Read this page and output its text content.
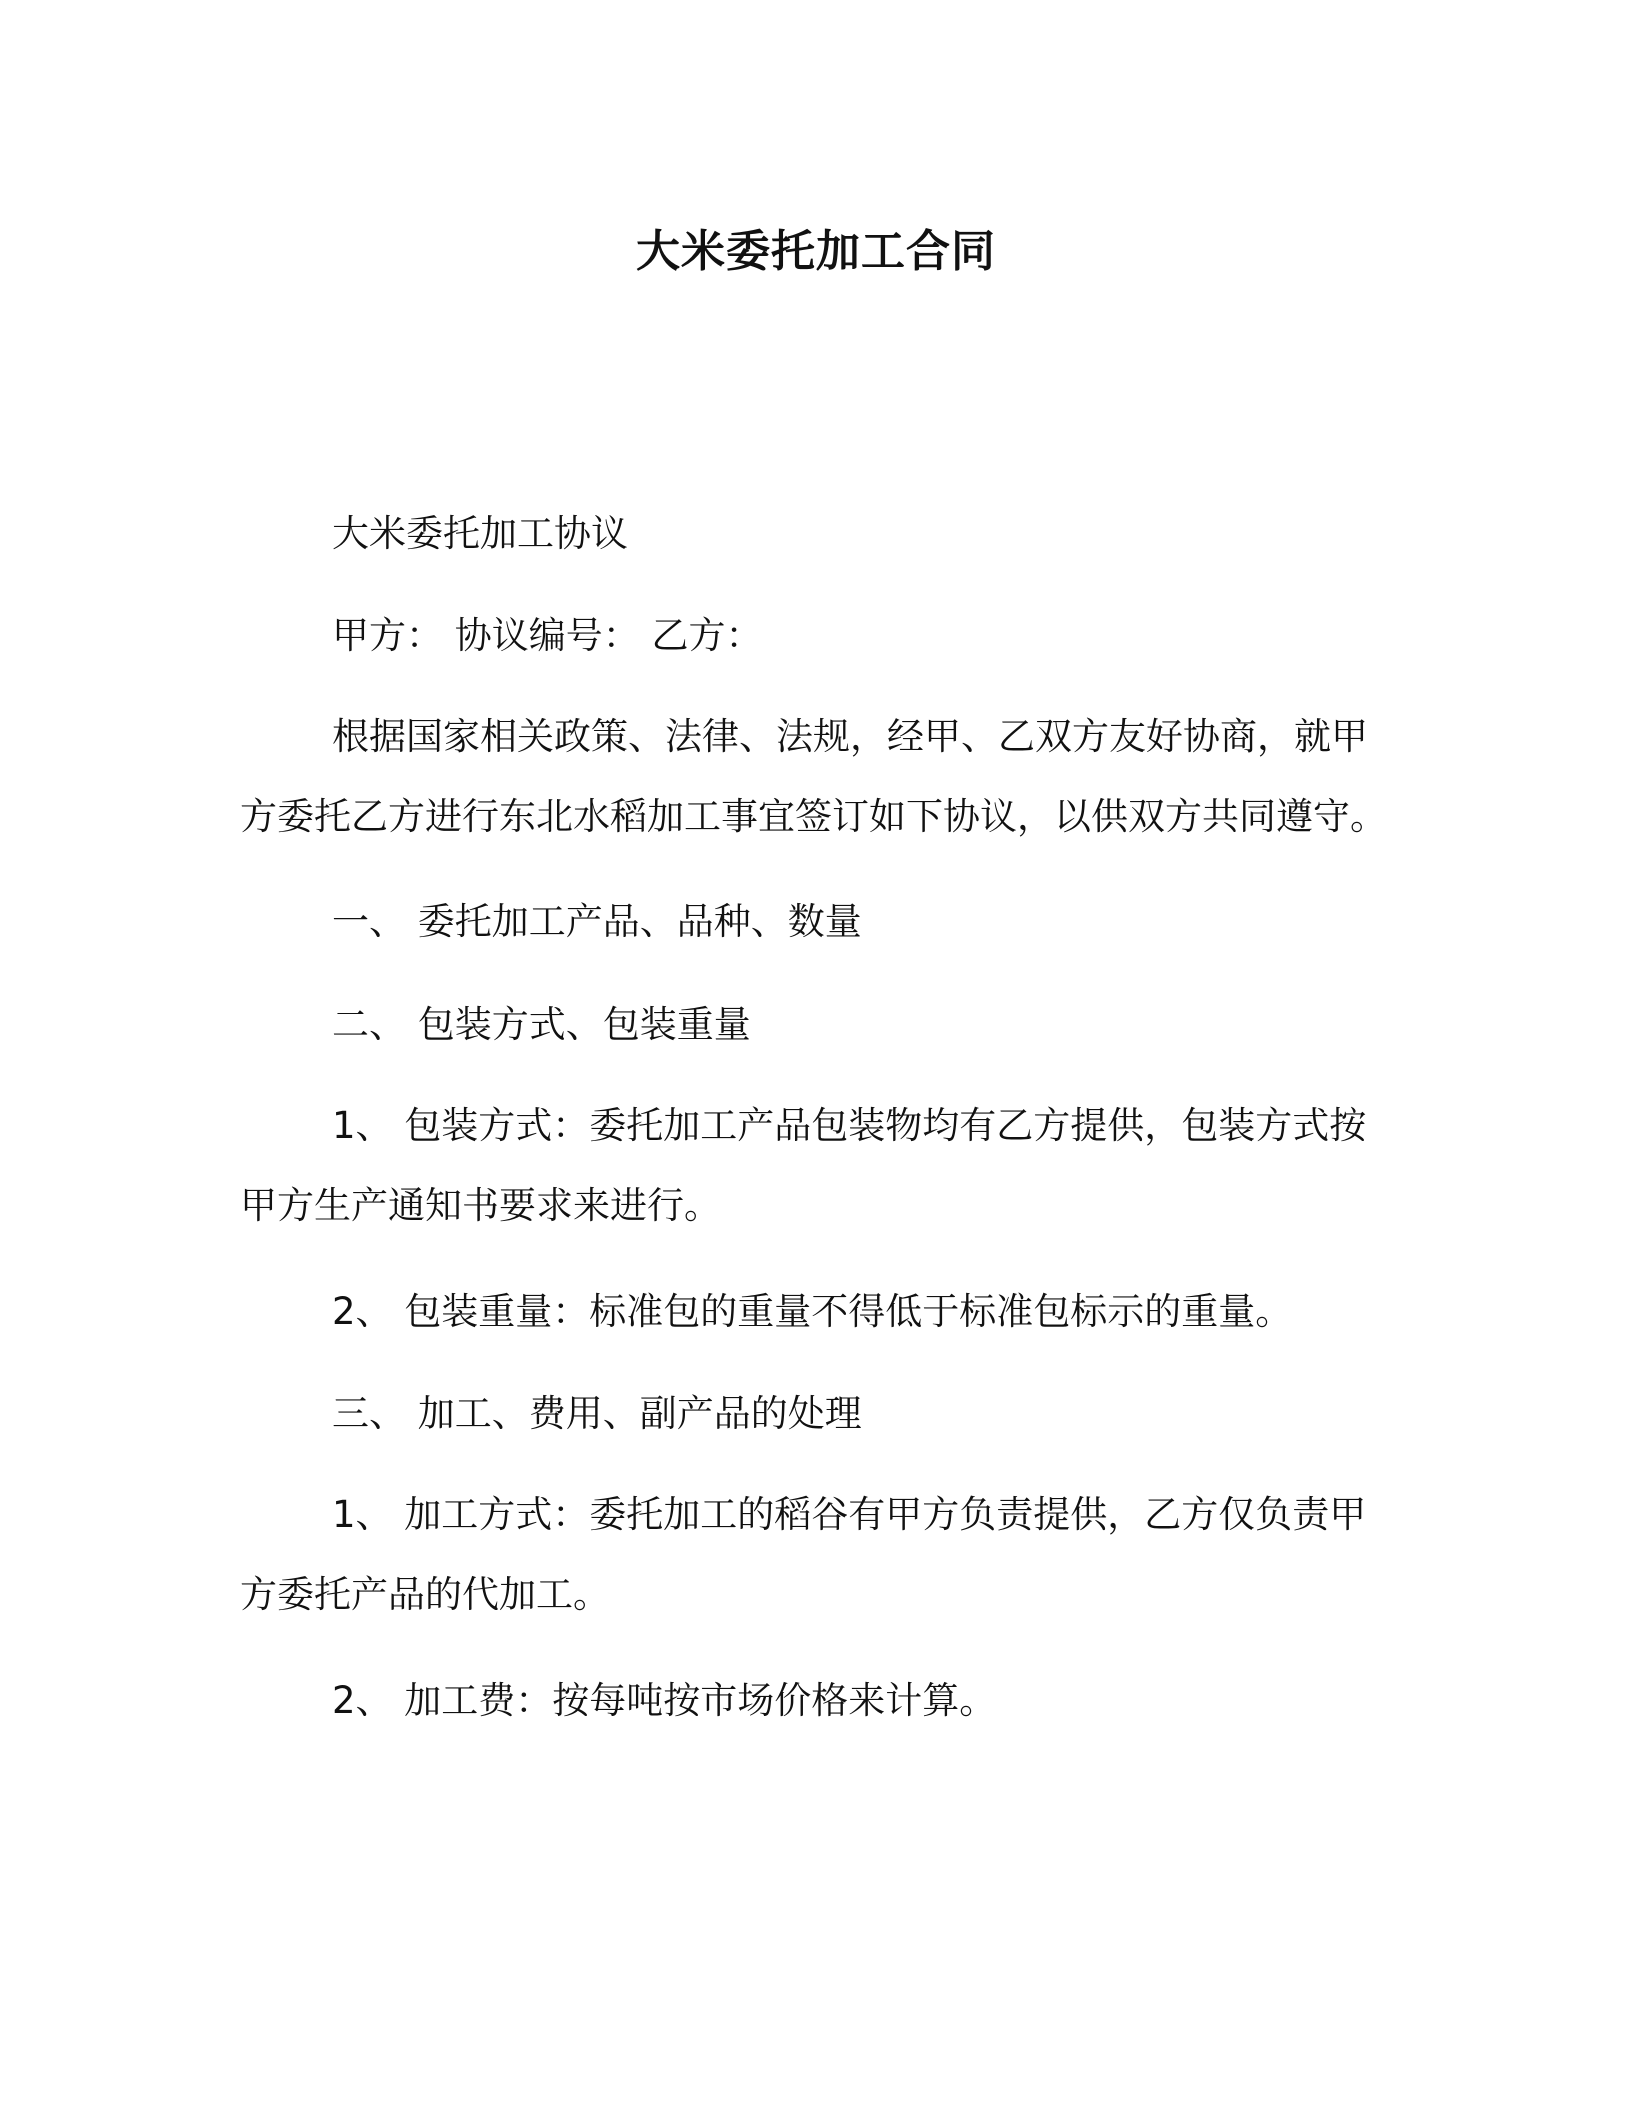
大米委托加工合同
大米委托加工协议
甲方： 协议编号： 乙方：
根据国家相关政策、法律、法规，经甲、乙双方友好协商，就甲
方委托乙方进行东北水稻加工事宜签订如下协议，以供双方共同遵守。
一、 委托加工产品、品种、数量
二、 包装方式、包装重量
1、 包装方式：委托加工产品包装物均有乙方提供，包装方式按
甲方生产通知书要求来进行。
2、 包装重量：标准包的重量不得低于标准包标示的重量。
三、 加工、费用、副产品的处理
1、 加工方式：委托加工的稻谷有甲方负责提供，乙方仅负责甲
方委托产品的代加工。
2、 加工费：按每吨按市场价格来计算。
